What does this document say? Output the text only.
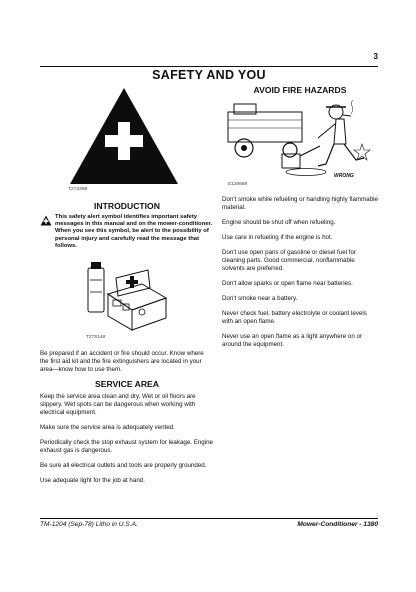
3
SAFETY AND YOU
T273390
INTRODUCTION
This safety alert symbol identifies important safety messages in this manual and on the mower-conditioner. When you see this symbol, be alert to the possibility of personal injury and carefully read the message that follows.
T275148

Be prepared if an accident or fire should occur. Know where the first aid kit and the fire extinguishers are located in your area—know how to use them.

SERVICE AREA

Keep the service area clean and dry. Wet or oil floors are slippery. Wet spots can be dangerous when working with electrical equipment.

Make sure the service area is adequately vented.

Periodically check the stop exhaust system for leakage. Engine exhaust gas is dangerous.

Be sure all electrical outlets and tools are properly grounded.

Use adequate light for the job at hand.

AVOID FIRE HAZARDS
WRONG
E128668

Don't smoke while refueling or handling highly flammable material.

Engine should be shut off when refueling.

Use care in refueling if the engine is hot.

Don't use open pans of gasoline or diesel fuel for cleaning parts. Good commercial, nonflammable solvents are preferred.

Don't allow sparks or open flame near batteries.

Don't smoke near a battery.

Never check fuel, battery electrolyte or coolant levels with an open flame.

Never use an open flame as a light anywhere on or around the equipment.

TM-1204 (Sep-78) Litho in U.S.A.	Mower-Conditioner - 1380
